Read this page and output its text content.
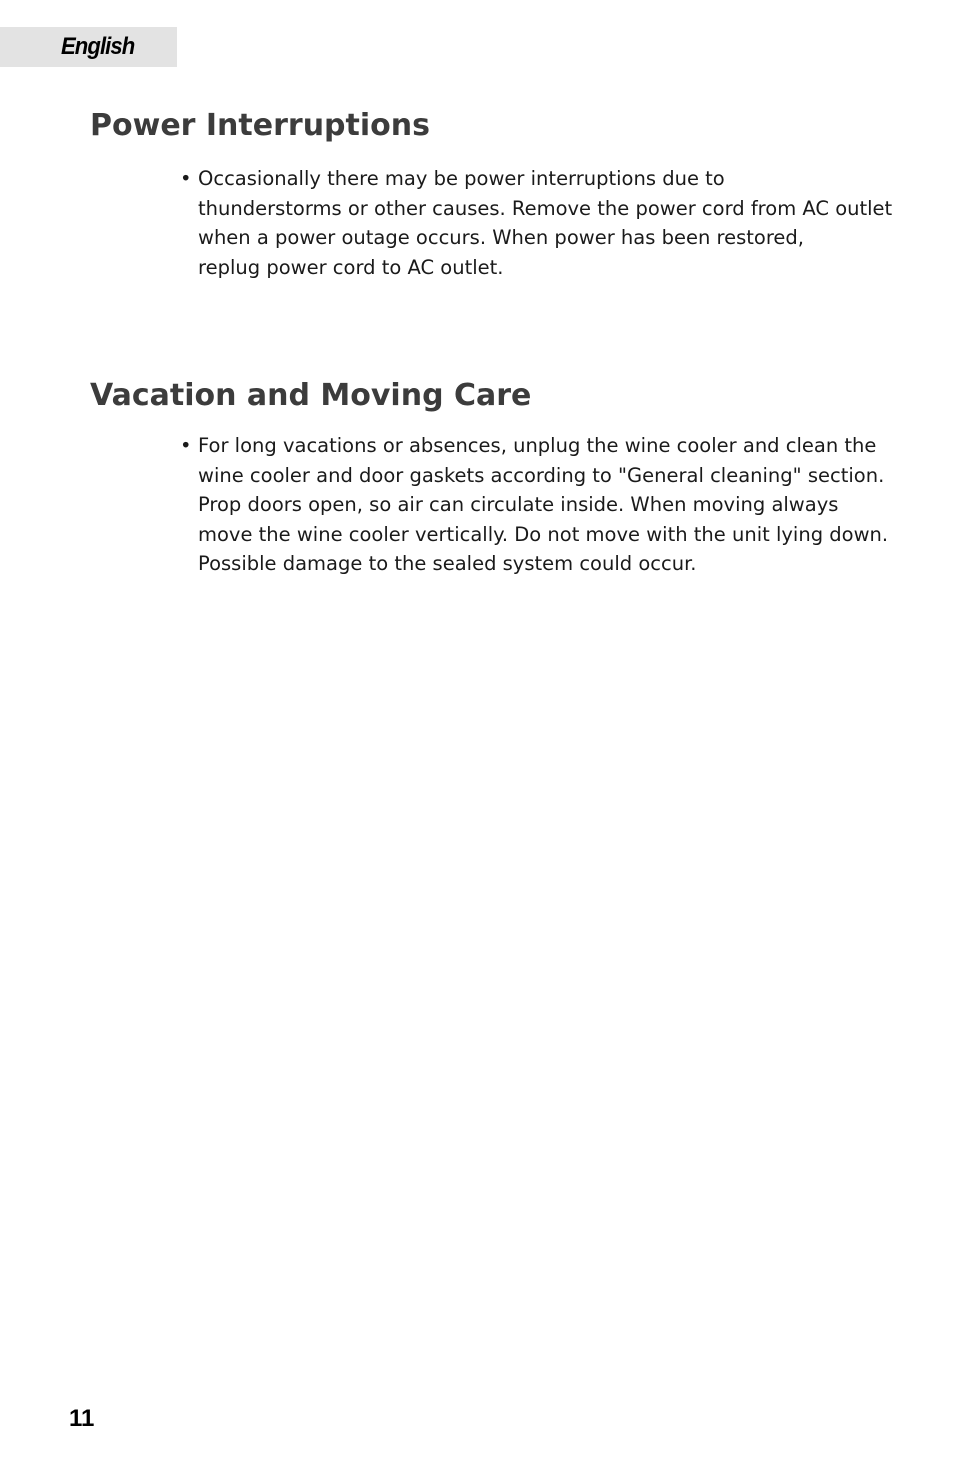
English
Power Interruptions
• Occasionally there may be power interruptions due to
thunderstorms or other causes. Remove the power cord from AC outlet
when a power outage occurs. When power has been restored,
replug power cord to AC outlet.
Vacation and Moving Care
• For long vacations or absences, unplug the wine cooler and clean the
wine cooler and door gaskets according to "General cleaning" section.
Prop doors open, so air can circulate inside. When moving always
move the wine cooler vertically. Do not move with the unit lying down.
Possible damage to the sealed system could occur.
11
